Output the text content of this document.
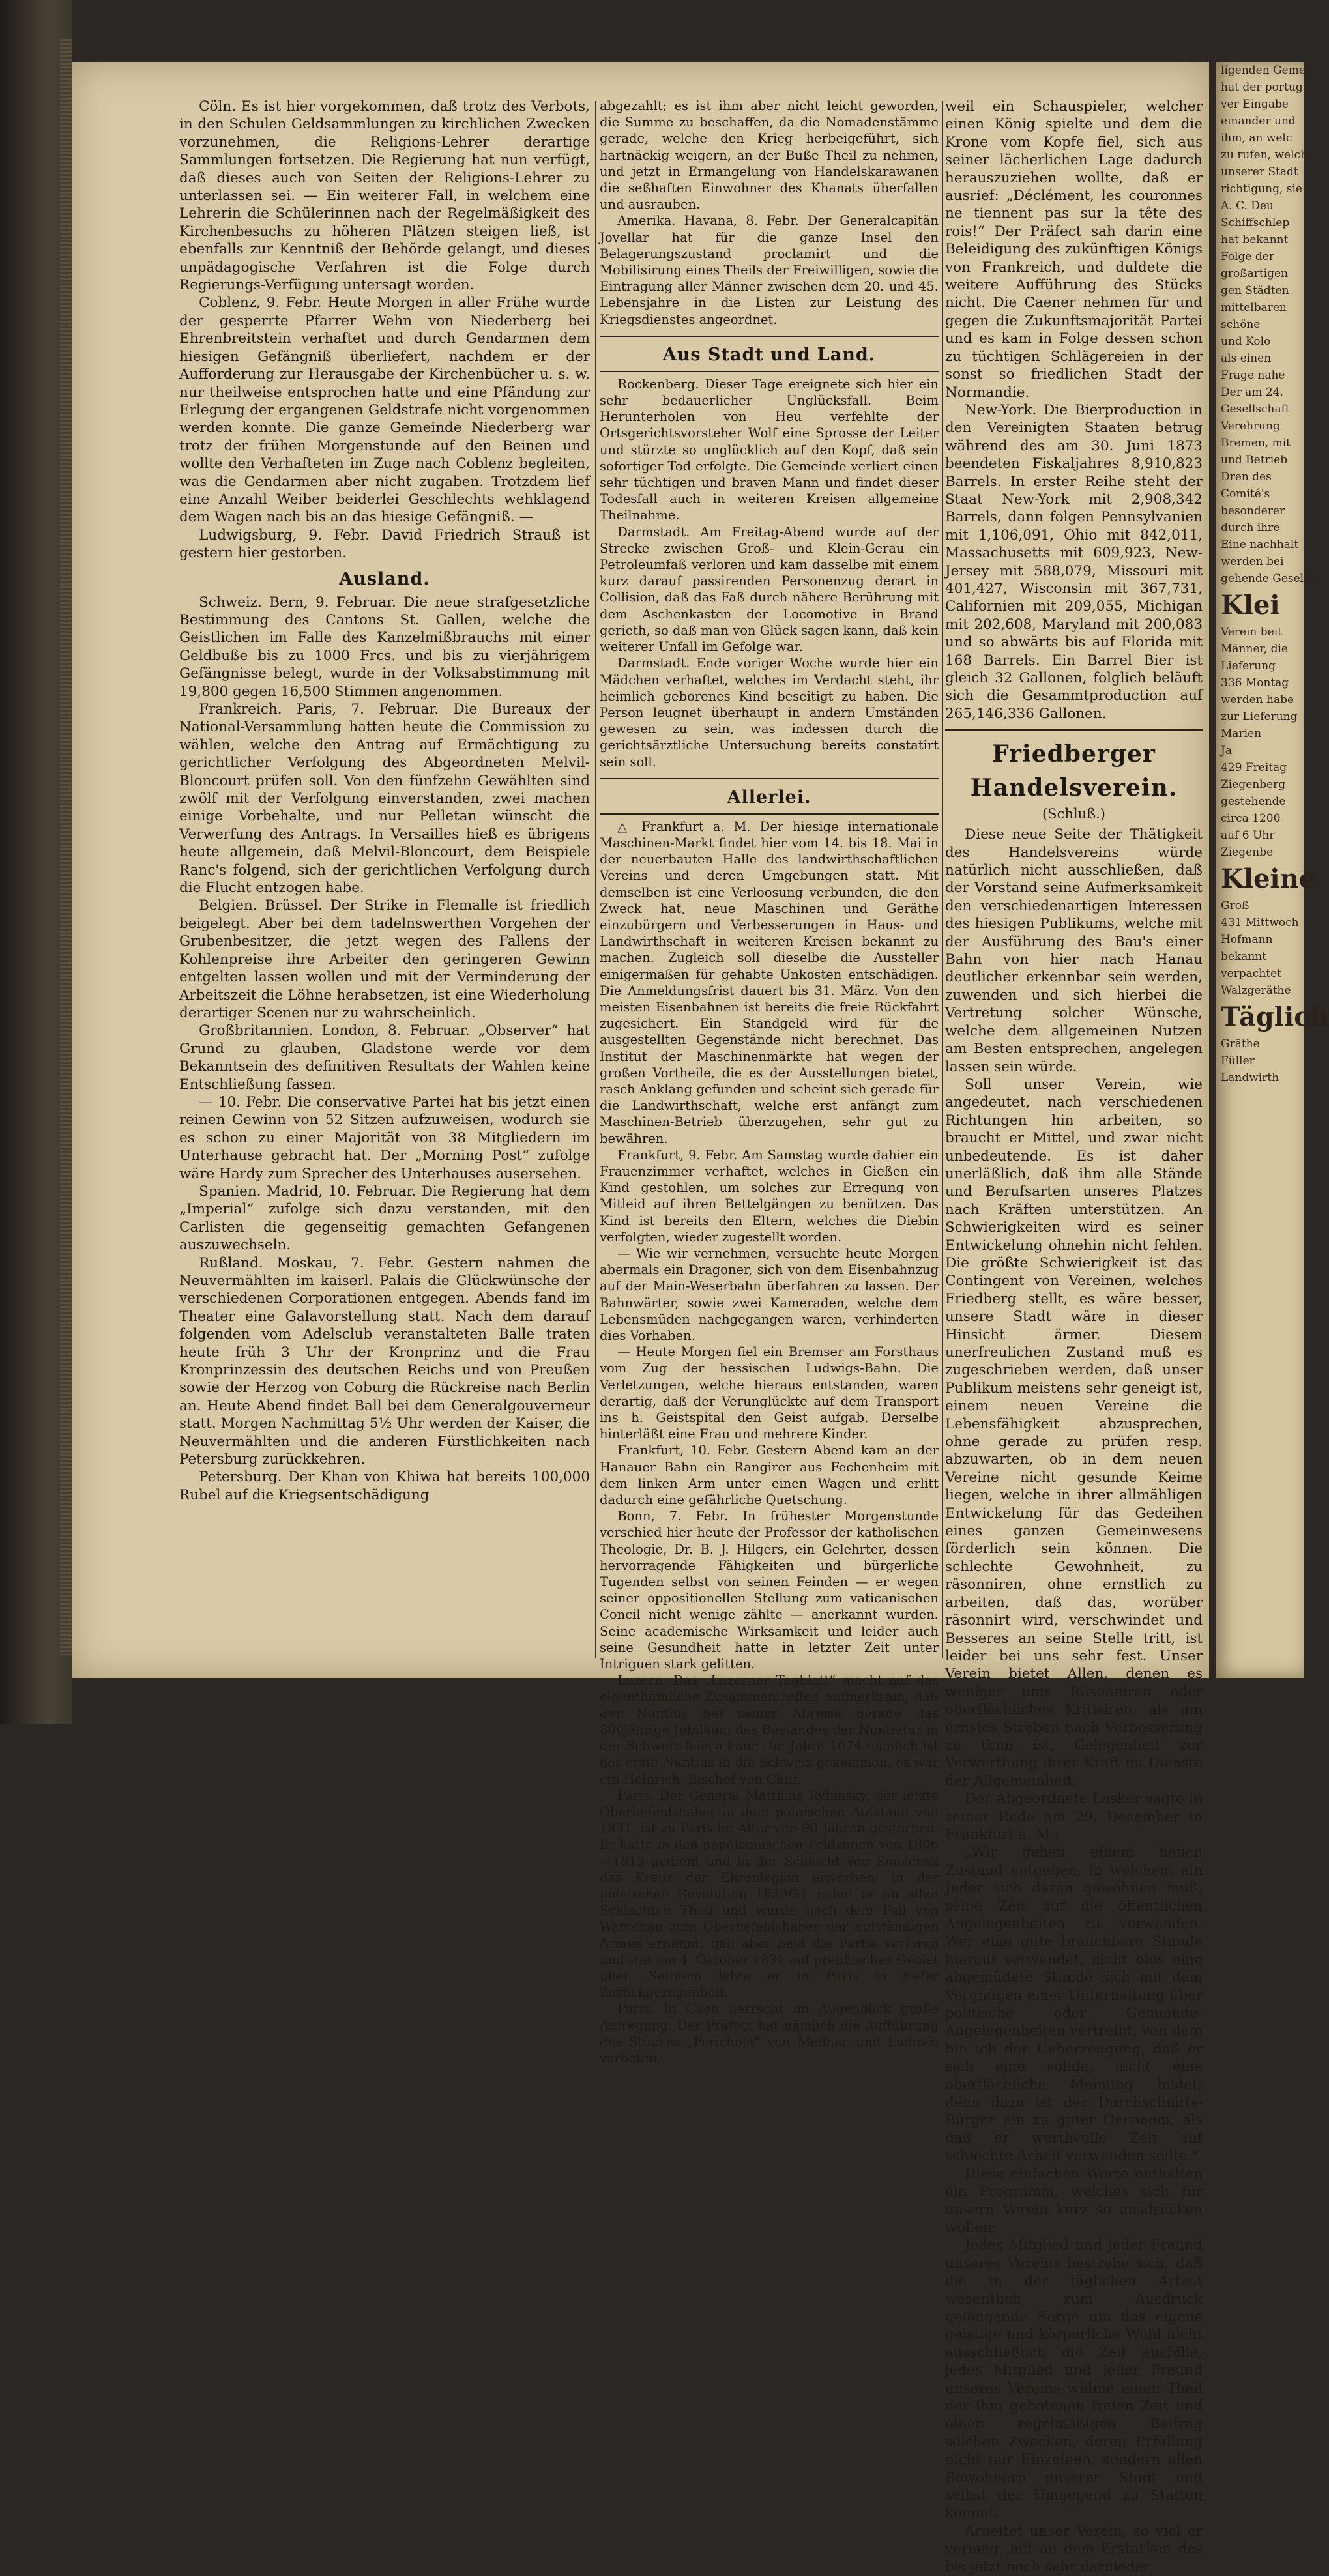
Cöln. Es ist hier vorgekommen, daß trotz des Verbots, in den Schulen Geldsammlungen zu kirchlichen Zwecken vorzunehmen, die Religions-Lehrer derartige Sammlungen fortsetzen. Die Regierung hat nun verfügt, daß dieses auch von Seiten der Religions-Lehrer zu unterlassen sei. — Ein weiterer Fall, in welchem eine Lehrerin die Schülerinnen nach der Regelmäßigkeit des Kirchenbesuchs zu höheren Plätzen steigen ließ, ist ebenfalls zur Kenntniß der Behörde gelangt, und dieses unpädagogische Verfahren ist die Folge durch Regierungs-Verfügung untersagt worden.

Coblenz, 9. Febr. Heute Morgen in aller Frühe wurde der gesperrte Pfarrer Wehn von Niederberg bei Ehrenbreitstein verhaftet und durch Gendarmen dem hiesigen Gefängniß überliefert, nachdem er der Aufforderung zur Herausgabe der Kirchenbücher u. s. w. nur theilweise entsprochen hatte und eine Pfändung zur Erlegung der ergangenen Geldstrafe nicht vorgenommen werden konnte. Die ganze Gemeinde Niederberg war trotz der frühen Morgenstunde auf den Beinen und wollte den Verhafteten im Zuge nach Coblenz begleiten, was die Gendarmen aber nicht zugaben. Trotzdem lief eine Anzahl Weiber beiderlei Geschlechts wehklagend dem Wagen nach bis an das hiesige Gefängniß. —

Ludwigsburg, 9. Febr. David Friedrich Strauß ist gestern hier gestorben.

Ausland.

Schweiz. Bern, 9. Februar. Die neue strafgesetzliche Bestimmung des Cantons St. Gallen, welche die Geistlichen im Falle des Kanzelmißbrauchs mit einer Geldbuße bis zu 1000 Frcs. und bis zu vierjährigem Gefängnisse belegt, wurde in der Volksabstimmung mit 19,800 gegen 16,500 Stimmen angenommen.

Frankreich. Paris, 7. Februar. Die Bureaux der National-Versammlung hatten heute die Commission zu wählen, welche den Antrag auf Ermächtigung zu gerichtlicher Verfolgung des Abgeordneten Melvil-Bloncourt prüfen soll. Von den fünfzehn Gewählten sind zwölf mit der Verfolgung einverstanden, zwei machen einige Vorbehalte, und nur Pelletan wünscht die Verwerfung des Antrags. In Versailles hieß es übrigens heute allgemein, daß Melvil-Bloncourt, dem Beispiele Ranc's folgend, sich der gerichtlichen Verfolgung durch die Flucht entzogen habe.

Belgien. Brüssel. Der Strike in Flemalle ist friedlich beigelegt. Aber bei dem tadelnswerthen Vorgehen der Grubenbesitzer, die jetzt wegen des Fallens der Kohlenpreise ihre Arbeiter den geringeren Gewinn entgelten lassen wollen und mit der Verminderung der Arbeitszeit die Löhne herabsetzen, ist eine Wiederholung derartiger Scenen nur zu wahrscheinlich.

Großbritannien. London, 8. Februar. „Observer“ hat Grund zu glauben, Gladstone werde vor dem Bekanntsein des definitiven Resultats der Wahlen keine Entschließung fassen.

— 10. Febr. Die conservative Partei hat bis jetzt einen reinen Gewinn von 52 Sitzen aufzuweisen, wodurch sie es schon zu einer Majorität von 38 Mitgliedern im Unterhause gebracht hat. Der „Morning Post“ zufolge wäre Hardy zum Sprecher des Unterhauses ausersehen.

Spanien. Madrid, 10. Februar. Die Regierung hat dem „Imperial“ zufolge sich dazu verstanden, mit den Carlisten die gegenseitig gemachten Gefangenen auszuwechseln.

Rußland. Moskau, 7. Febr. Gestern nahmen die Neuvermählten im kaiserl. Palais die Glückwünsche der verschiedenen Corporationen entgegen. Abends fand im Theater eine Galavorstellung statt. Nach dem darauf folgenden vom Adelsclub veranstalteten Balle traten heute früh 3 Uhr der Kronprinz und die Frau Kronprinzessin des deutschen Reichs und von Preußen sowie der Herzog von Coburg die Rückreise nach Berlin an. Heute Abend findet Ball bei dem Generalgouverneur statt. Morgen Nachmittag 5½ Uhr werden der Kaiser, die Neuvermählten und die anderen Fürstlichkeiten nach Petersburg zurückkehren.

Petersburg. Der Khan von Khiwa hat bereits 100,000 Rubel auf die Kriegsentschädigung

abgezahlt; es ist ihm aber nicht leicht geworden, die Summe zu beschaffen, da die Nomadenstämme gerade, welche den Krieg herbeigeführt, sich hartnäckig weigern, an der Buße Theil zu nehmen, und jetzt in Ermangelung von Handelskarawanen die seßhaften Einwohner des Khanats überfallen und ausrauben.

Amerika. Havana, 8. Febr. Der Generalcapitän Jovellar hat für die ganze Insel den Belagerungszustand proclamirt und die Mobilisirung eines Theils der Freiwilligen, sowie die Eintragung aller Männer zwischen dem 20. und 45. Lebensjahre in die Listen zur Leistung des Kriegsdienstes angeordnet.

Aus Stadt und Land.

Rockenberg. Dieser Tage ereignete sich hier ein sehr bedauerlicher Unglücksfall. Beim Herunterholen von Heu verfehlte der Ortsgerichtsvorsteher Wolf eine Sprosse der Leiter und stürzte so unglücklich auf den Kopf, daß sein sofortiger Tod erfolgte. Die Gemeinde verliert einen sehr tüchtigen und braven Mann und findet dieser Todesfall auch in weiteren Kreisen allgemeine Theilnahme.

Darmstadt. Am Freitag-Abend wurde auf der Strecke zwischen Groß- und Klein-Gerau ein Petroleumfaß verloren und kam dasselbe mit einem kurz darauf passirenden Personenzug derart in Collision, daß das Faß durch nähere Berührung mit dem Aschenkasten der Locomotive in Brand gerieth, so daß man von Glück sagen kann, daß kein weiterer Unfall im Gefolge war.

Darmstadt. Ende voriger Woche wurde hier ein Mädchen verhaftet, welches im Verdacht steht, ihr heimlich geborenes Kind beseitigt zu haben. Die Person leugnet überhaupt in andern Umständen gewesen zu sein, was indessen durch die gerichtsärztliche Untersuchung bereits constatirt sein soll.

Allerlei.

△ Frankfurt a. M. Der hiesige internationale Maschinen-Markt findet hier vom 14. bis 18. Mai in der neuerbauten Halle des landwirthschaftlichen Vereins und deren Umgebungen statt. Mit demselben ist eine Verloosung verbunden, die den Zweck hat, neue Maschinen und Geräthe einzubürgern und Verbesserungen in Haus- und Landwirthschaft in weiteren Kreisen bekannt zu machen. Zugleich soll dieselbe die Aussteller einigermaßen für gehabte Unkosten entschädigen. Die Anmeldungsfrist dauert bis 31. März. Von den meisten Eisenbahnen ist bereits die freie Rückfahrt zugesichert. Ein Standgeld wird für die ausgestellten Gegenstände nicht berechnet. Das Institut der Maschinenmärkte hat wegen der großen Vortheile, die es der Ausstellungen bietet, rasch Anklang gefunden und scheint sich gerade für die Landwirthschaft, welche erst anfängt zum Maschinen-Betrieb überzugehen, sehr gut zu bewähren.

Frankfurt, 9. Febr. Am Samstag wurde dahier ein Frauenzimmer verhaftet, welches in Gießen ein Kind gestohlen, um solches zur Erregung von Mitleid auf ihren Bettelgängen zu benützen. Das Kind ist bereits den Eltern, welches die Diebin verfolgten, wieder zugestellt worden.

— Wie wir vernehmen, versuchte heute Morgen abermals ein Dragoner, sich von dem Eisenbahnzug auf der Main-Weserbahn überfahren zu lassen. Der Bahnwärter, sowie zwei Kameraden, welche dem Lebensmüden nachgegangen waren, verhinderten dies Vorhaben.

— Heute Morgen fiel ein Bremser am Forsthaus vom Zug der hessischen Ludwigs-Bahn. Die Verletzungen, welche hieraus entstanden, waren derartig, daß der Verunglückte auf dem Transport ins h. Geistspital den Geist aufgab. Derselbe hinterläßt eine Frau und mehrere Kinder.

Frankfurt, 10. Febr. Gestern Abend kam an der Hanauer Bahn ein Rangirer aus Fechenheim mit dem linken Arm unter einen Wagen und erlitt dadurch eine gefährliche Quetschung.

Bonn, 7. Febr. In frühester Morgenstunde verschied hier heute der Professor der katholischen Theologie, Dr. B. J. Hilgers, ein Gelehrter, dessen hervorragende Fähigkeiten und bürgerliche Tugenden selbst von seinen Feinden — er wegen seiner oppositionellen Stellung zum vaticanischen Concil nicht wenige zählte — anerkannt wurden. Seine academische Wirksamkeit und leider auch seine Gesundheit hatte in letzter Zeit unter Intriguen stark gelitten.

Luzern. Das „Luzerner Tagblatt“ macht auf das eigenthümliche Zusammentreffen aufmerksam, daß der Nuntius bei seiner Abreise gerade das 800jährige Jubiläum des Bestandes der Nuntiatur in der Schweiz feiern kann. Im Jahre 1074 nämlich ist der erste Nuntius in die Schweiz gekommen, es war ein Heinrich, Bischof von Chur.

Paris. Der General Matthias Rybinsky, der letzte Oberbefehlshaber in dem polnischen Aufstand von 1831, ist zu Paris im Alter von 90 Jahren gestorben. Er hatte in den napoleonischen Feldzügen von 1806—1813 gedient und in der Schlacht von Smolensk das Kreuz der Ehrenlegion erworben; in der polnischen Revolution 1830/31 nahm er an allen Schlachten Theil und wurde nach dem Fall von Warschau zum Oberbefehlshaber der aufständigen Armee ernannt, gab aber bald die Partie verloren und trat am 4. Oktober 1831 auf preußisches Gebiet über. Seitdem lebte er in Paris in tiefer Zurückgezogenheit.

Paris. In Caen herrscht im Augenblick große Aufregung. Der Präfect hat nämlich die Aufführung des Stückes „Perichole“ von Meilhac und Ludovic verboten,

weil ein Schauspieler, welcher einen König spielte und dem die Krone vom Kopfe fiel, sich aus seiner lächerlichen Lage dadurch herauszuziehen wollte, daß er ausrief: „Déclément, les couronnes ne tiennent pas sur la tête des rois!“ Der Präfect sah darin eine Beleidigung des zukünftigen Königs von Frankreich, und duldete die weitere Aufführung des Stücks nicht. Die Caener nehmen für und gegen die Zukunftsmajorität Partei und es kam in Folge dessen schon zu tüchtigen Schlägereien in der sonst so friedlichen Stadt der Normandie.

New-York. Die Bierproduction in den Vereinigten Staaten betrug während des am 30. Juni 1873 beendeten Fiskaljahres 8,910,823 Barrels. In erster Reihe steht der Staat New-York mit 2,908,342 Barrels, dann folgen Pennsylvanien mit 1,106,091, Ohio mit 842,011, Massachusetts mit 609,923, New-Jersey mit 588,079, Missouri mit 401,427, Wisconsin mit 367,731, Californien mit 209,055, Michigan mit 202,608, Maryland mit 200,083 und so abwärts bis auf Florida mit 168 Barrels. Ein Barrel Bier ist gleich 32 Gallonen, folglich beläuft sich die Gesammtproduction auf 265,146,336 Gallonen.

Friedberger Handelsverein.
(Schluß.)

Diese neue Seite der Thätigkeit des Handelsvereins würde natürlich nicht ausschließen, daß der Vorstand seine Aufmerksamkeit den verschiedenartigen Interessen des hiesigen Publikums, welche mit der Ausführung des Bau's einer Bahn von hier nach Hanau deutlicher erkennbar sein werden, zuwenden und sich hierbei die Vertretung solcher Wünsche, welche dem allgemeinen Nutzen am Besten entsprechen, angelegen lassen sein würde.

Soll unser Verein, wie angedeutet, nach verschiedenen Richtungen hin arbeiten, so braucht er Mittel, und zwar nicht unbedeutende. Es ist daher unerläßlich, daß ihm alle Stände und Berufsarten unseres Platzes nach Kräften unterstützen. An Schwierigkeiten wird es seiner Entwickelung ohnehin nicht fehlen. Die größte Schwierigkeit ist das Contingent von Vereinen, welches Friedberg stellt, es wäre besser, unsere Stadt wäre in dieser Hinsicht ärmer. Diesem unerfreulichen Zustand muß es zugeschrieben werden, daß unser Publikum meistens sehr geneigt ist, einem neuen Vereine die Lebensfähigkeit abzusprechen, ohne gerade zu prüfen resp. abzuwarten, ob in dem neuen Vereine nicht gesunde Keime liegen, welche in ihrer allmähligen Entwickelung für das Gedeihen eines ganzen Gemeinwesens förderlich sein können. Die schlechte Gewohnheit, zu räsonniren, ohne ernstlich zu arbeiten, daß das, worüber räsonnirt wird, verschwindet und Besseres an seine Stelle tritt, ist leider bei uns sehr fest. Unser Verein bietet Allen, denen es weniger ums Räsonniren oder oberflächliches Kritisiren, als um ernstes Streben nach Verbesserung zu thun ist, Gelegenheit zur Verwerthung ihrer Kraft im Dienste der Allgemeinheit.

Der Abgeordnete Lasker sagte in seiner Rede am 29. December in Frankfurt a. M.:

„Wir gehen einem neuen Zustand entgegen, in welchem ein Jeder sich daran gewöhnen muß, seine Zeit auf die öffentlichen Angelegenheiten zu verwenden. Wer eine gute brauchbare Stunde hierauf verwendet, nicht blos eine abgemüdete Stunde sich mit dem Vergnügen einer Unterhaltung über politische oder Gemeinde-Angelegenheiten vertreibt, von dem bin ich der Ueberzeugung, daß er sich eine solide, nicht eine oberflächliche Meinung bildet; denn dazu ist der Durchschnitts-Bürger ein zu guter Oeconom, als daß er werthvolle Zeit auf schlechte Arbeit verwenden sollte.“

Diese einfachen Worte enthalten ein Programm, welches sich für unsern Verein kurz so ausdrücken wollen:

Jedes Mitglied und jeder Freund unseres Vereins bestrebe sich, daß die in der täglichen Arbeit wesentlich zum Ausdruck gelangende Sorge um das eigene geistige und körperliche Wohl nicht ausschließlich die Zeit ausfülle, jedes Mitglied und jeder Freund unseres Vereins widme einen Theil der ihm gebotenen freien Zeit und einen regelmäßigen Beitrag solchen Zwecken, deren Erfüllung nicht nur Einzelnen, sondern allen Bewohnern unserer Stadt und selbst der Umgegend zu Statten kommt.

Arbeitet unser Verein, so viel er vermag, mit an dem Erstarken des bis jetzt noch sehr darnieder

ligenden Gemei
hat der portug
ver Eingabe
einander und
ihm, an welc
zu rufen, welch
unserer Stadt
richtigung, sie
A. C. Deu
Schiffschlep
hat bekannt
Folge der
großartigen
gen Städten
mittelbaren
schöne
und Kolo
als einen
Frage nahe
Der am 24.
Gesellschaft
Verehrung
Bremen, mit
und Betrieb
Dren des
Comité's
besonderer
durch ihre
Eine nachhalt
werden bei
gehende Gesellsc
Klei
Verein beit
Männer, die
Lieferung
336 Montag
werden habe
zur Lieferung
Marien
Ja
429 Freitag
Ziegenberg
gestehende
circa 1200
auf 6 Uhr
Ziegenbe
Kleine
Groß
431 Mittwoch
Hofmann
bekannt
verpachtet
Walzgeräthe
Täglich
Gräthe
Füller
Landwirth
